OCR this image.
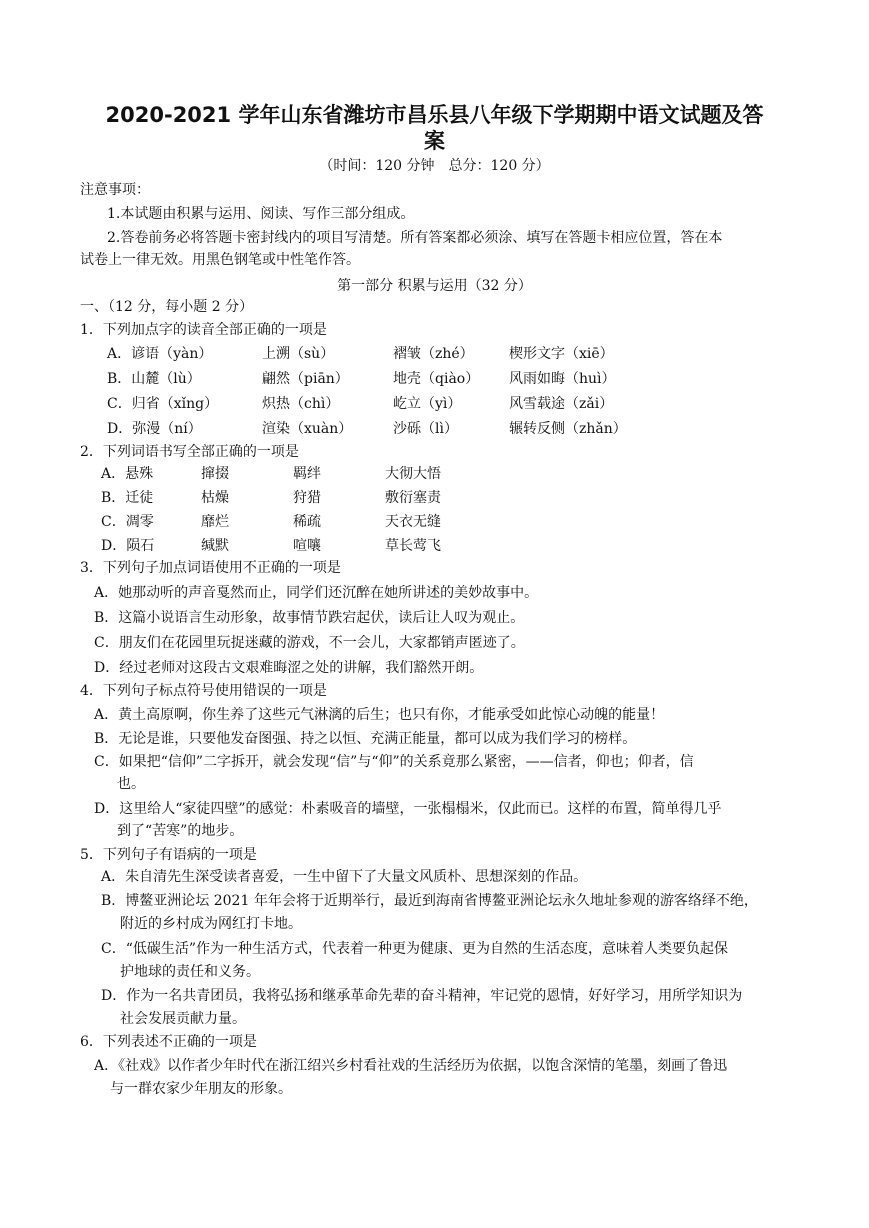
2020-2021 学年山东省潍坊市昌乐县八年级下学期期中语文试题及答
案
（时间：120 分钟　总分：120 分）
注意事项：
1.本试题由积累与运用、阅读、写作三部分组成。
2.答卷前务必将答题卡密封线内的项目写清楚。所有答案都必须涂、填写在答题卡相应位置，答在本
试卷上一律无效。用黑色钢笔或中性笔作答。
第一部分 积累与运用（32 分）
一、（12 分，每小题 2 分）
1．下列加点字的读音全部正确的一项是
A．谚语（yàn）	上溯（sù）	褶皱（zhé）	楔形文字（xiē）
B．山麓（lù）	翩然（piān）	地壳（qiào） 风雨如晦（huì）
C．归省（xǐng）	炽热（chì）	屹立（yì）	风雪载途（zǎi）
D．弥漫（ní）	渲染（xuàn）	沙砾（lì）	辗转反侧（zhǎn）
2．下列词语书写全部正确的一项是
A．悬殊	撺掇	羁绊	大彻大悟
B．迁徒	枯燥	狩猎	敷衍塞责
C．凋零	靡烂	稀疏	天衣无缝
D．陨石	缄默	喧嚷	草长莺飞
3．下列句子加点词语使用不正确的一项是
A．她那动听的声音戛然而止，同学们还沉醉在她所讲述的美妙故事中。
B．这篇小说语言生动形象，故事情节跌宕起伏，读后让人叹为观止。
C．朋友们在花园里玩捉迷藏的游戏，不一会儿，大家都销声匿迹了。
D．经过老师对这段古文艰难晦涩之处的讲解，我们豁然开朗。
4．下列句子标点符号使用错误的一项是
A．黄土高原啊，你生养了这些元气淋漓的后生；也只有你，才能承受如此惊心动魄的能量！
B．无论是谁，只要他发奋图强、持之以恒、充满正能量，都可以成为我们学习的榜样。
C．如果把“信仰”二字拆开，就会发现“信”与“仰”的关系竟那么紧密，——信者，仰也；仰者，信
也。
D．这里给人“家徒四壁”的感觉：朴素吸音的墙壁，一张榻榻米，仅此而已。这样的布置，简单得几乎
到了“苦寒”的地步。
5．下列句子有语病的一项是
A．朱自清先生深受读者喜爱，一生中留下了大量文风质朴、思想深刻的作品。
B．博鳌亚洲论坛 2021 年年会将于近期举行，最近到海南省博鳌亚洲论坛永久地址参观的游客络绎不绝，
附近的乡村成为网红打卡地。
C．“低碳生活”作为一种生活方式，代表着一种更为健康、更为自然的生活态度，意味着人类要负起保
护地球的责任和义务。
D．作为一名共青团员，我将弘扬和继承革命先辈的奋斗精神，牢记党的恩情，好好学习，用所学知识为
社会发展贡献力量。
6．下列表述不正确的一项是
A．《社戏》以作者少年时代在浙江绍兴乡村看社戏的生活经历为依据，以饱含深情的笔墨，刻画了鲁迅
与一群农家少年朋友的形象。
